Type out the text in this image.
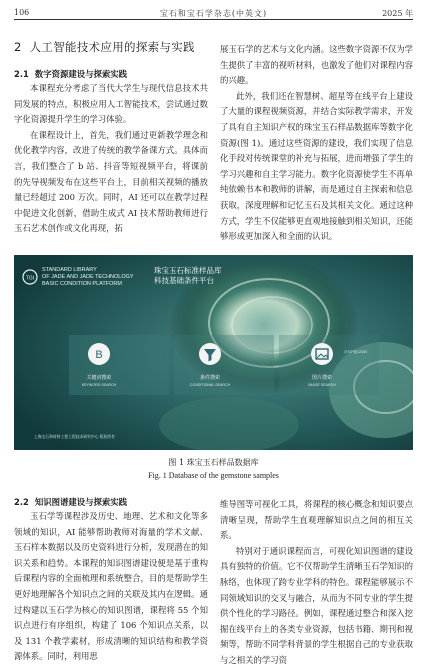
106	宝石和宝石学杂志(中英文)	2025 年
2 人工智能技术应用的探索与实践
2.1 数字资源建设与探索实践

本课程充分考虑了当代大学生与现代信息技术共同发展的特点，积极应用人工智能技术，尝试通过数字化资源提升学生的学习体验。

在课程设计上，首先，我们通过更新教学理念和优化教学内容，改进了传统的教学备课方式。具体而言，我们整合了 b 站、抖音等短视频平台，将课前的先导视频发布在这些平台上，目前相关视频的播放量已经超过 200 万次。同时，AI 还可以在教学过程中促进文化创新，借助生成式 AI 技术帮助教师进行玉石艺术创作或文化再现，拓

展玉石学的艺术与文化内涵。这些数字资源不仅为学生提供了丰富的视听材料，也激发了他们对课程内容的兴趣。

此外，我们还在智慧树、超星等在线平台上建设了大量的课程视频资源，并结合实际教学需求，开发了具有自主知识产权的珠宝玉石样品数据库等数字化资源(图 1)。通过这些资源的建设，我们实现了信息化手段对传统课堂的补充与拓展，进而增强了学生的学习兴趣和自主学习能力。数字化资源使学生不再单纯依赖书本和教师的讲解，而是通过自主探索和信息获取，深度理解和记忆玉石及其相关文化。通过这种方式，学生不仅能够更直观地接触到相关知识，还能够形成更加深入和全面的认识。

TGI
STANDARD LIBRARY
OF JADE AND JADE TECHNOLOGY
BASIC CONDITION PLATFORM
珠宝玉石标准样品库
科技基础条件平台
B
关键词搜索
KEYWORD SEARCH
条件搜索
CONDITIONAL SEARCH
图片搜索
IMAGE SEARCH
京ICP备12345
上海宝石和材料工程工程技术研究中心 版权所有
图 1 珠宝玉石样品数据库
Fig. 1 Database of the gemstone samples
2.2 知识图谱建设与探索实践

玉石学等课程涉及历史、地理、艺术和文化等多领域的知识，AI 能够帮助教师对海量的学术文献、玉石样本数据以及历史资料进行分析，发现潜在的知识关系和趋势。本课程的知识图谱建设便是基于重构后课程内容的全面梳理和系统整合，目的是帮助学生更好地理解各个知识点之间的关联及其内在逻辑。通过构建以玉石学为核心的知识图谱，课程将 55 个知识点进行有序组织，构建了 106 个知识点关系，以及 131 个教学素材，形成清晰的知识结构和教学资源体系。同时，利用思

维导图等可视化工具，将课程的核心概念和知识要点清晰呈现，帮助学生直观理解知识点之间的相互关系。

特别对于通识课程而言，可视化知识图谱的建设具有独特的价值。它不仅帮助学生清晰玉石学知识的脉络，也体现了跨专业学科的特色。课程能够展示不同领域知识的交叉与融合，从而为不同专业的学生提供个性化的学习路径。例如，课程通过整合和深入挖掘在线平台上的各类专业资源，包括书籍、期刊和视频等，帮助不同学科背景的学生根据自己的专业获取与之相关的学习资
